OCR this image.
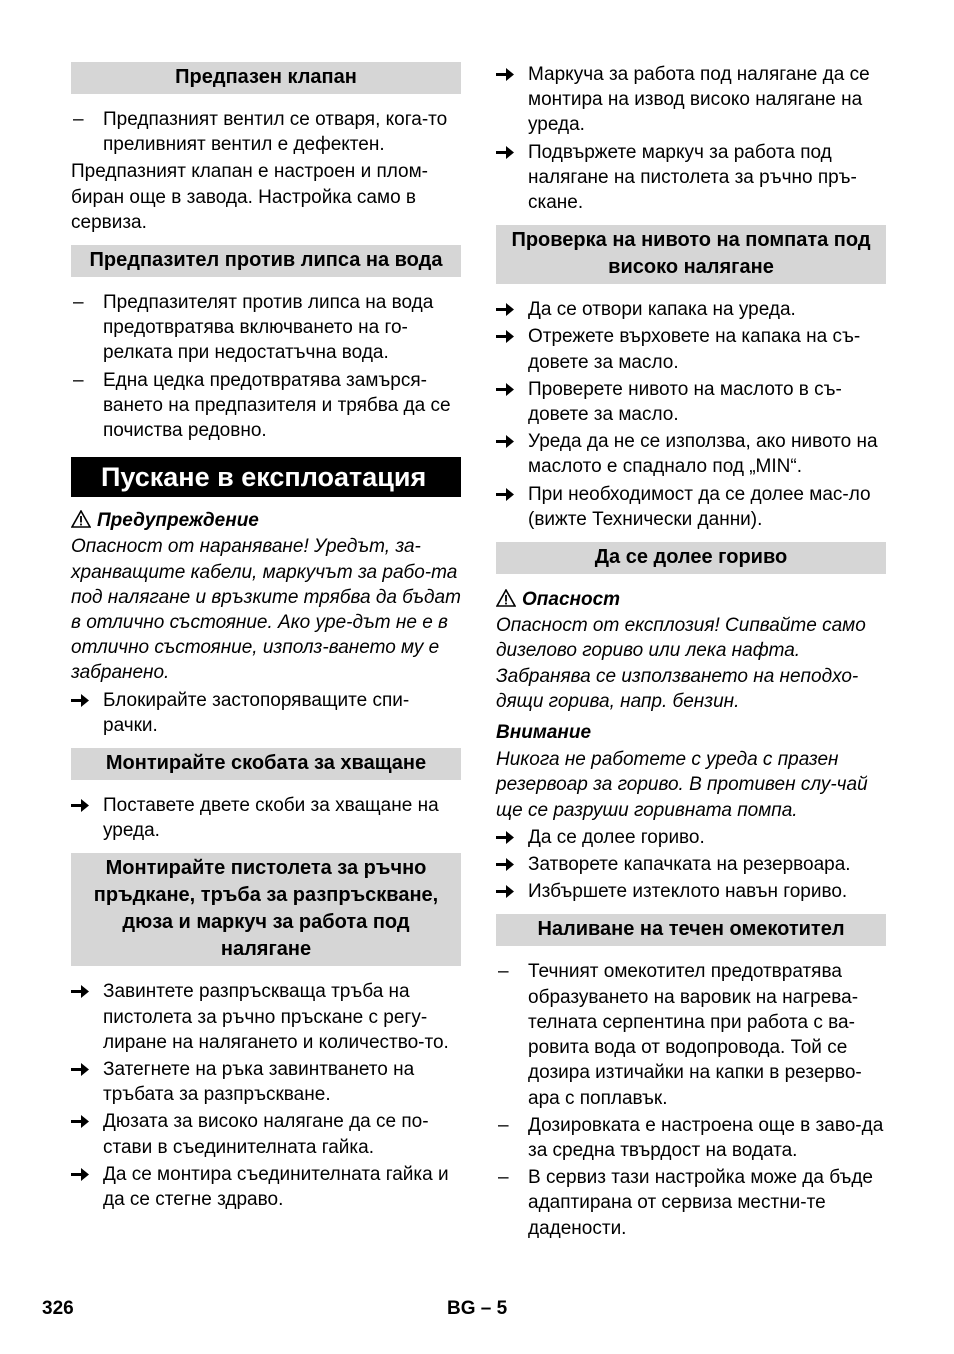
Предпазен клапан
–	Предпазният вентил се отваря, кога-то преливният вентил е дефектен.
Предпазният клапан е настроен и плом-биран още в завода. Настройка само в сервиза.
Предпазител против липса на вода
–	Предпазителят против липса на вода предотвратява включването на го-релката при недостатъчна вода.
–	Една цедка предотвратява замърся-ването на предпазителя и трябва да се почиства редовно.
Пускане в експлоатация
Предупреждение
Опасност от нараняване! Уредът, за-хранващите кабели, маркучът за рабо-та под налягане и връзките трябва да бъдат в отлично състояние. Ако уре-дът не е в отлично състояние, използ-ването му е забранено.
Блокирайте застопоряващите спи-рачки.
Монтирайте скобата за хващане
Поставете двете скоби за хващане на уреда.
Монтирайте пистолета за ръчно пръдкане, тръба за разпръскване, дюза и маркуч за работа под налягане
Завинтете разпръскваща тръба на пистолета за ръчно пръскане с регу-лиране на налягането и количество-то.
Затегнете на ръка завинтването на тръбата за разпръскване.
Дюзата за високо налягане да се по-стави в съединителната гайка.
Да се монтира съединителната гайка и да се стегне здраво.
Маркуча за работа под налягане да се монтира на извод високо налягане на уреда.
Подвържете маркуч за работа под налягане на пистолета за ръчно пръ-скане.
Проверка на нивото на помпата под високо налягане
Да се отвори капака на уреда.
Отрежете върховете на капака на съ-довете за масло.
Проверете нивото на маслото в съ-довете за масло.
Уреда да не се използва, ако нивото на маслото е спаднало под „MIN“.
При необходимост да се долее мас-ло (вижте Технически данни).
Да се долее гориво
Опасност
Опасност от експлозия! Сипвайте само дизелово гориво или лека нафта. Забранява се използването на неподхо-дящи горива, напр. бензин.
Внимание
Никога не работете с уреда с празен резервоар за гориво. В противен слу-чай ще се разруши горивната помпа.
Да се долее гориво.
Затворете капачката на резервоара.
Избършете изтеклото навън гориво.
Наливане на течен омекотител
–	Течният омекотител предотвратява образуването на варовик на нагрева-телната серпентина при работа с ва-ровита вода от водопровода. Той се дозира изтичайки на капки в резерво-ара с поплавък.
–	Дозировката е настроена още в заво-да за средна твърдост на водата.
–	В сервиз тази настройка може да бъде адаптирана от сервиза местни-те дадености.
326	BG – 5
